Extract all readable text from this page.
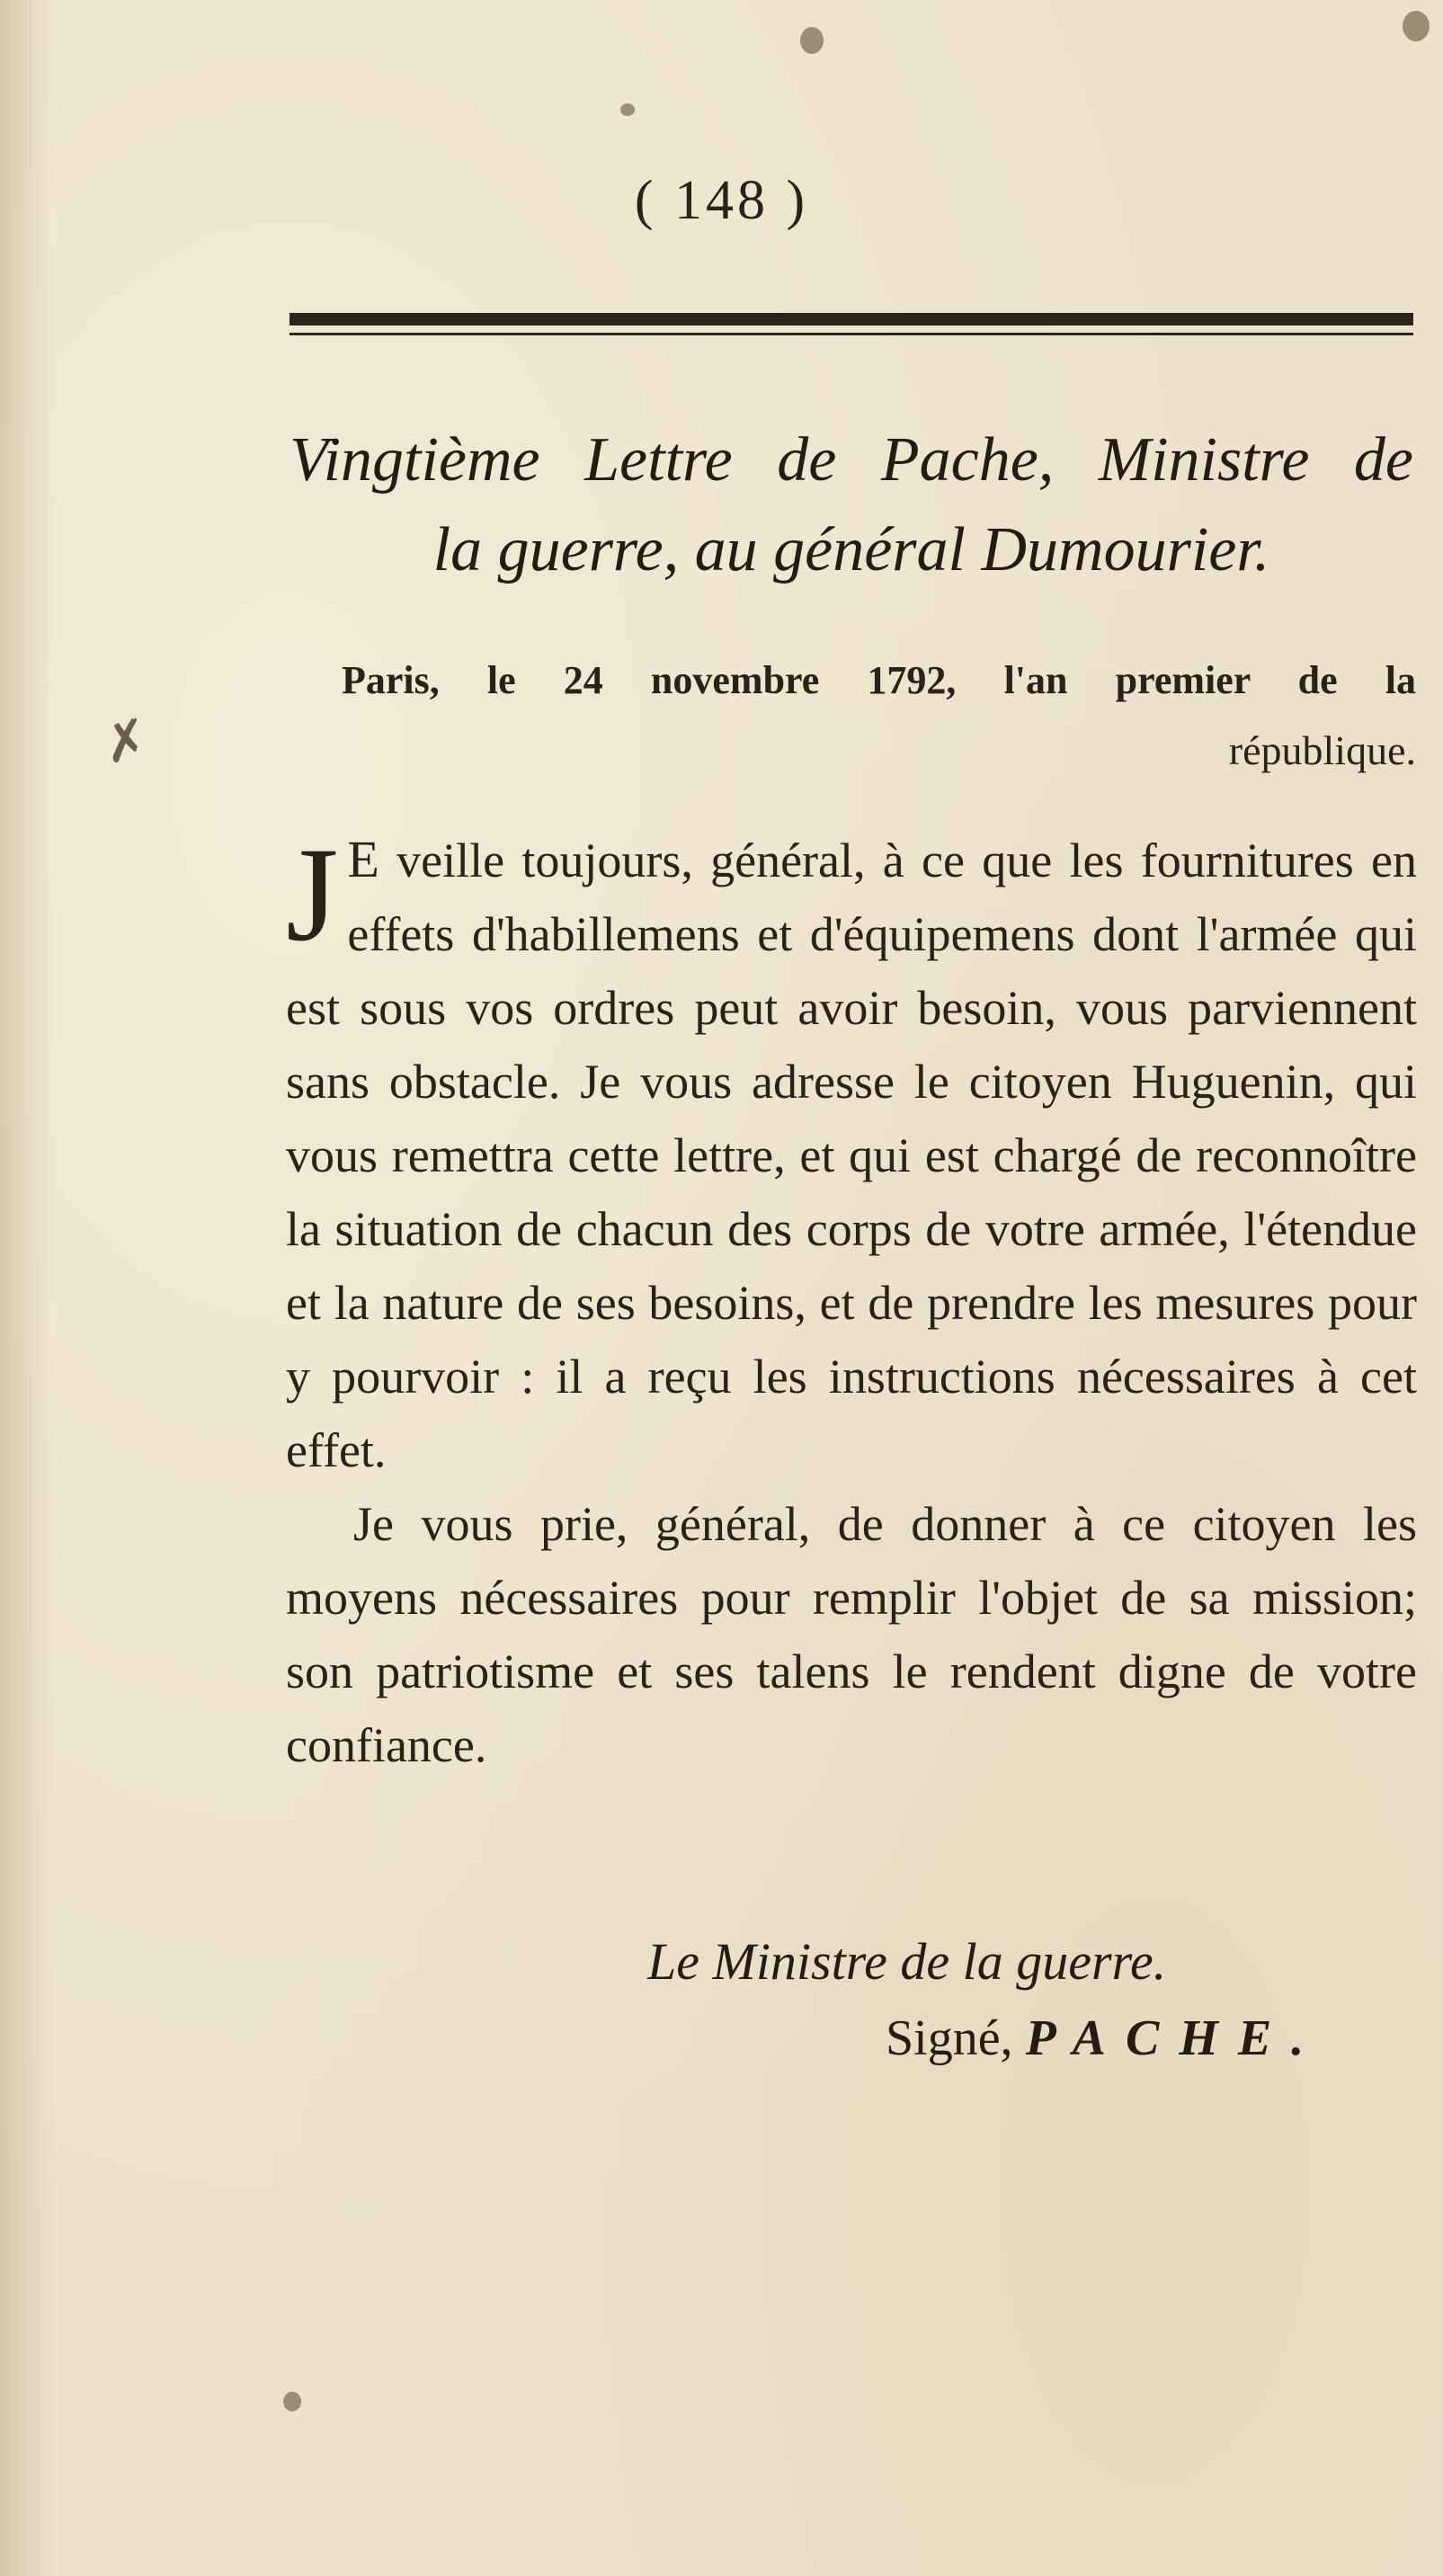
✗
( 148 )
Vingtième Lettre de Pache, Ministre de
la guerre, au général Dumourier.
Paris, le 24 novembre 1792, l'an premier de la
république.

J E veille toujours, général, à ce que les fournitures en effets d'habillemens et d'équipemens dont l'armée qui est sous vos ordres peut avoir besoin, vous parviennent sans obstacle. Je vous adresse le citoyen Huguenin, qui vous remettra cette lettre, et qui est chargé de reconnoître la situation de chacun des corps de votre armée, l'étendue et la nature de ses besoins, et de prendre les mesures pour y pourvoir : il a reçu les instructions nécessaires à cet effet.

Je vous prie, général, de donner à ce citoyen les moyens nécessaires pour remplir l'objet de sa mission; son patriotisme et ses talens le rendent digne de votre confiance.

Le Ministre de la guerre.
Signé, PACHE.
